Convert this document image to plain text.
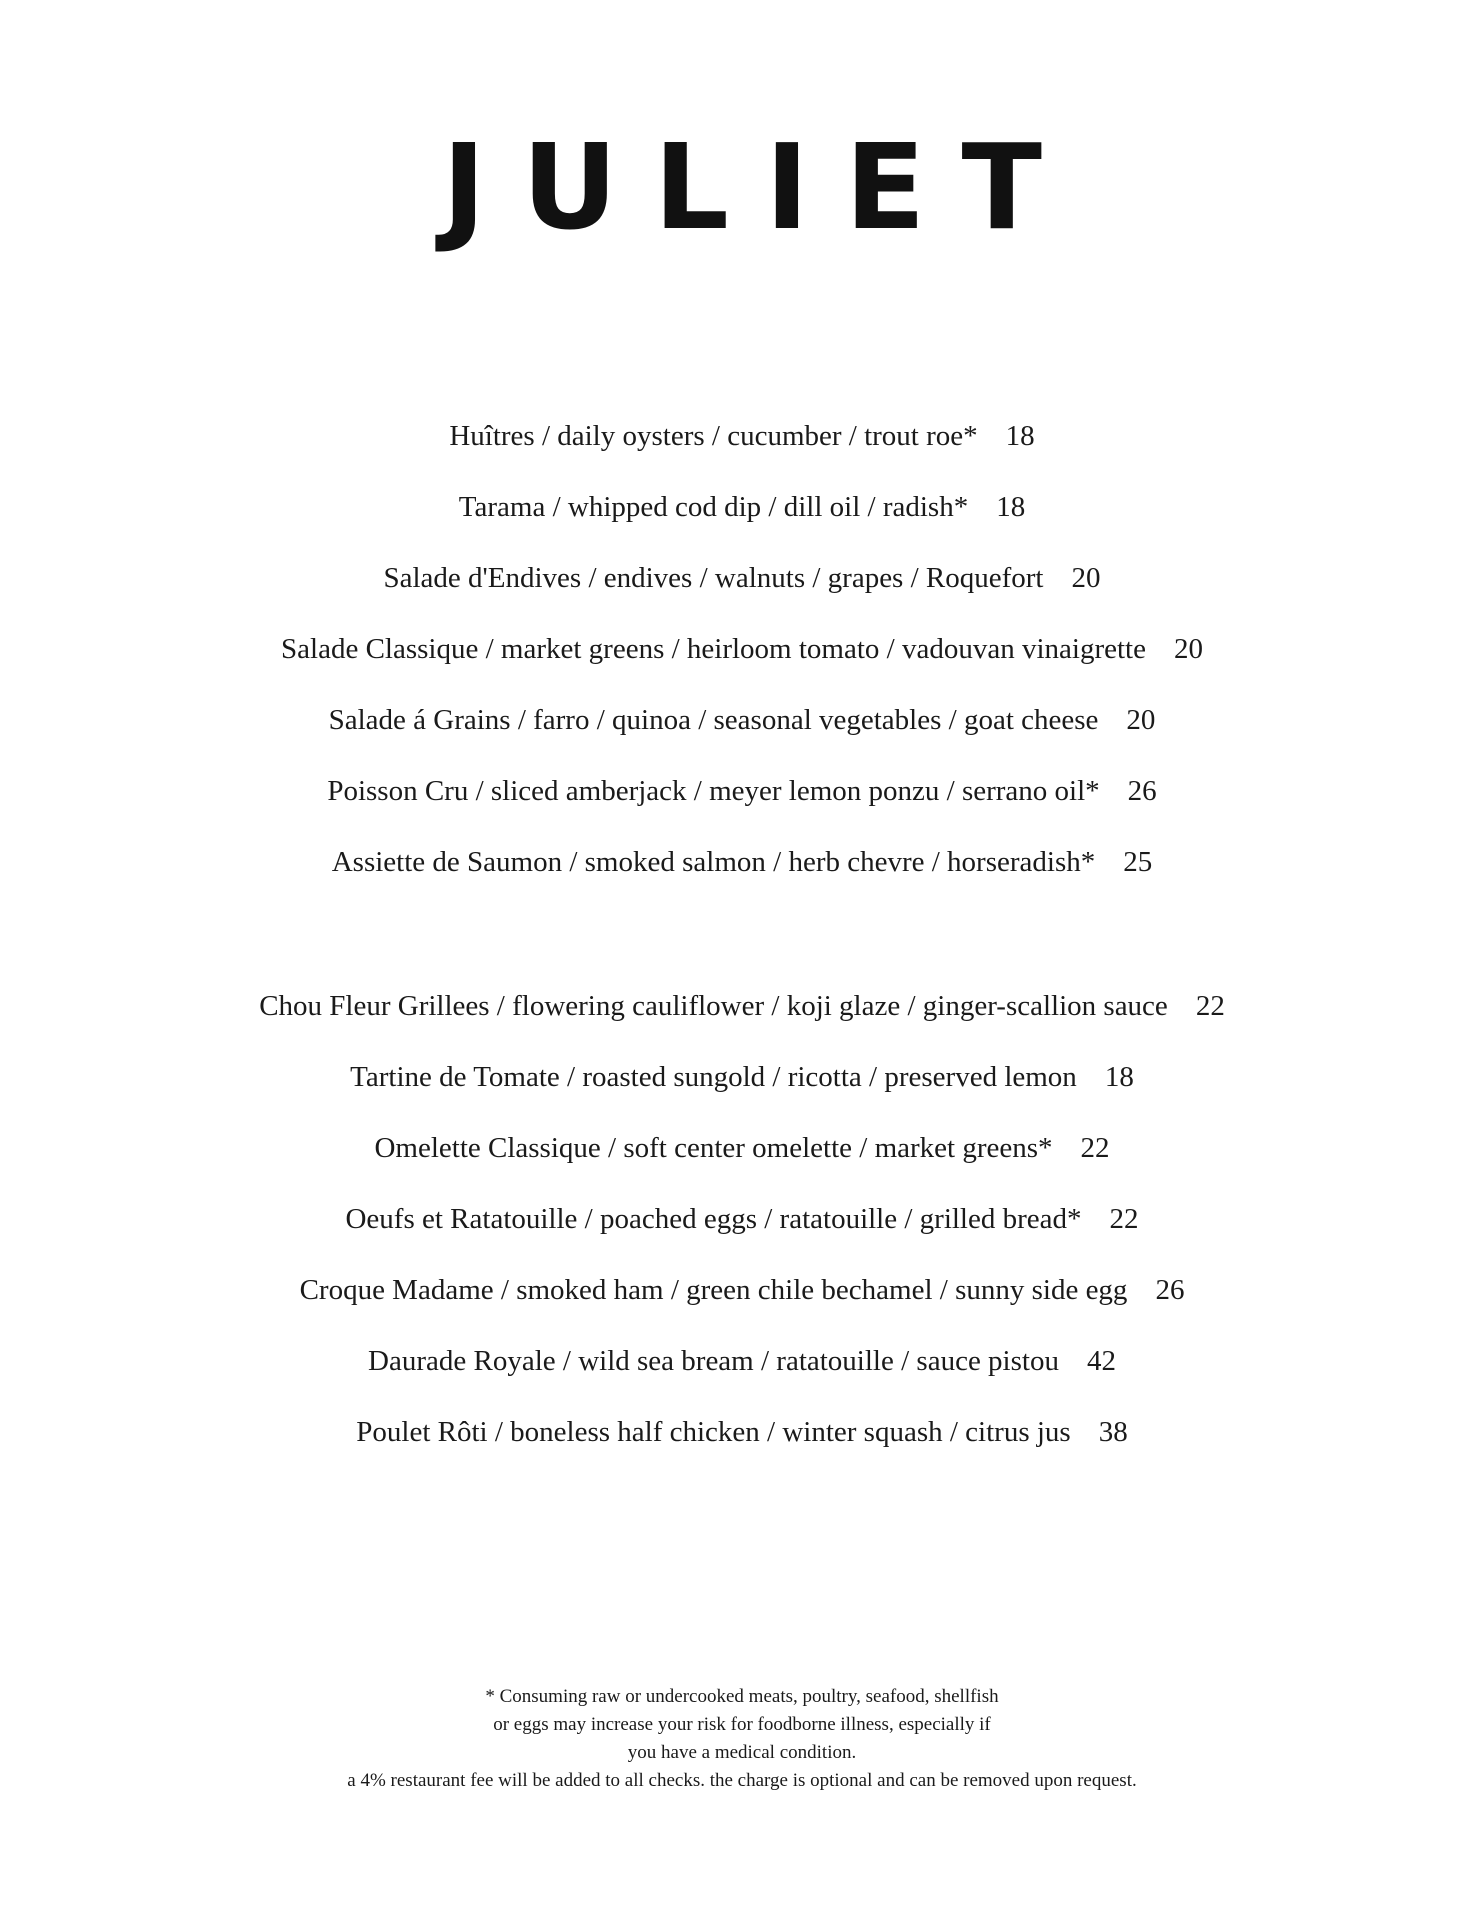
JULIET
Huîtres / daily oysters / cucumber / trout roe* 18
Tarama / whipped cod dip / dill oil / radish* 18
Salade d'Endives / endives / walnuts / grapes / Roquefort 20
Salade Classique / market greens / heirloom tomato / vadouvan vinaigrette 20
Salade á Grains / farro / quinoa / seasonal vegetables / goat cheese 20
Poisson Cru / sliced amberjack / meyer lemon ponzu / serrano oil* 26
Assiette de Saumon / smoked salmon / herb chevre / horseradish* 25
Chou Fleur Grillees / flowering cauliflower / koji glaze / ginger-scallion sauce 22
Tartine de Tomate / roasted sungold / ricotta / preserved lemon 18
Omelette Classique / soft center omelette / market greens* 22
Oeufs et Ratatouille / poached eggs / ratatouille / grilled bread* 22
Croque Madame / smoked ham / green chile bechamel / sunny side egg 26
Daurade Royale / wild sea bream / ratatouille / sauce pistou 42
Poulet Rôti / boneless half chicken / winter squash / citrus jus 38
* Consuming raw or undercooked meats, poultry, seafood, shellfish
or eggs may increase your risk for foodborne illness, especially if
you have a medical condition.
a 4% restaurant fee will be added to all checks. the charge is optional and can be removed upon request.
